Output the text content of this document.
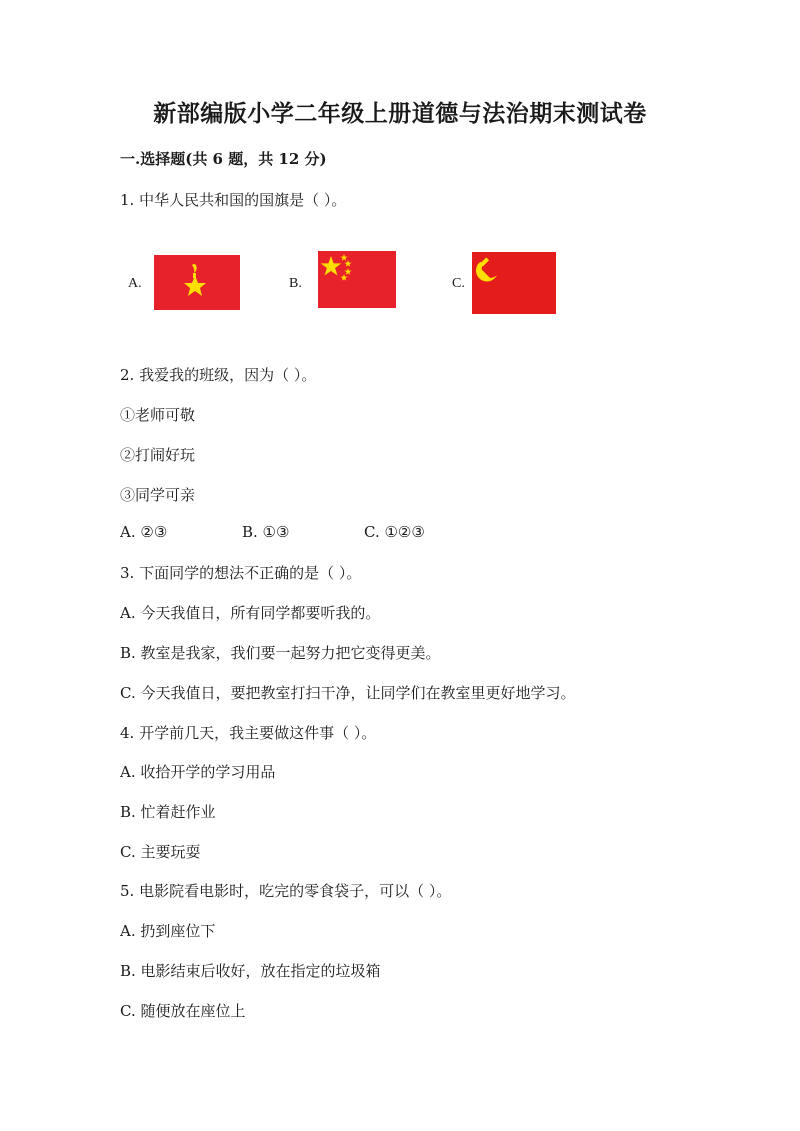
新部编版小学二年级上册道德与法治期末测试卷
一.选择题(共 6 题，共 12 分)
1. 中华人民共和国的国旗是（ ）。
A.	B.	C.
2. 我爱我的班级，因为（ ）。
①老师可敬
②打闹好玩
③同学可亲
A. ②③	B. ①③	C. ①②③
3. 下面同学的想法不正确的是（ ）。
A. 今天我值日，所有同学都要听我的。
B. 教室是我家，我们要一起努力把它变得更美。
C. 今天我值日，要把教室打扫干净，让同学们在教室里更好地学习。
4. 开学前几天，我主要做这件事（ ）。
A. 收拾开学的学习用品
B. 忙着赶作业
C. 主要玩耍
5. 电影院看电影时，吃完的零食袋子，可以（ ）。
A. 扔到座位下
B. 电影结束后收好，放在指定的垃圾箱
C. 随便放在座位上
